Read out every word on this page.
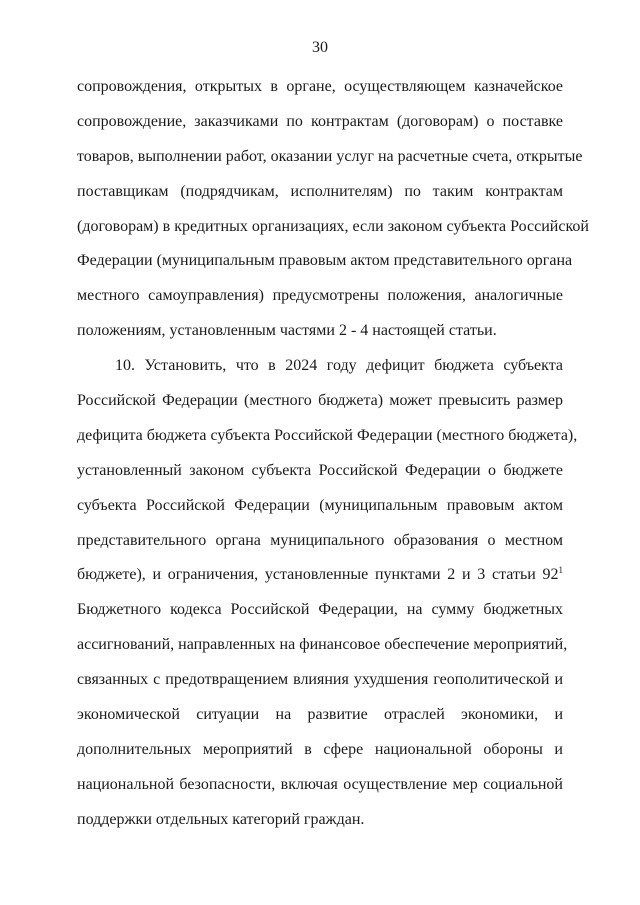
30
сопровождения, открытых в органе, осуществляющем казначейское
сопровождение, заказчиками по контрактам (договорам) о поставке
товаров, выполнении работ, оказании услуг на расчетные счета, открытые
поставщикам (подрядчикам, исполнителям) по таким контрактам
(договорам) в кредитных организациях, если законом субъекта Российской
Федерации (муниципальным правовым актом представительного органа
местного самоуправления) предусмотрены положения, аналогичные
положениям, установленным частями 2 - 4 настоящей статьи.
10. Установить, что в 2024 году дефицит бюджета субъекта
Российской Федерации (местного бюджета) может превысить размер
дефицита бюджета субъекта Российской Федерации (местного бюджета),
установленный законом субъекта Российской Федерации о бюджете
субъекта Российской Федерации (муниципальным правовым актом
представительного органа муниципального образования о местном
бюджете), и ограничения, установленные пунктами 2 и 3 статьи $92^1$
Бюджетного кодекса Российской Федерации, на сумму бюджетных
ассигнований, направленных на финансовое обеспечение мероприятий,
связанных с предотвращением влияния ухудшения геополитической и
экономической ситуации на развитие отраслей экономики, и
дополнительных мероприятий в сфере национальной обороны и
национальной безопасности, включая осуществление мер социальной
поддержки отдельных категорий граждан.
